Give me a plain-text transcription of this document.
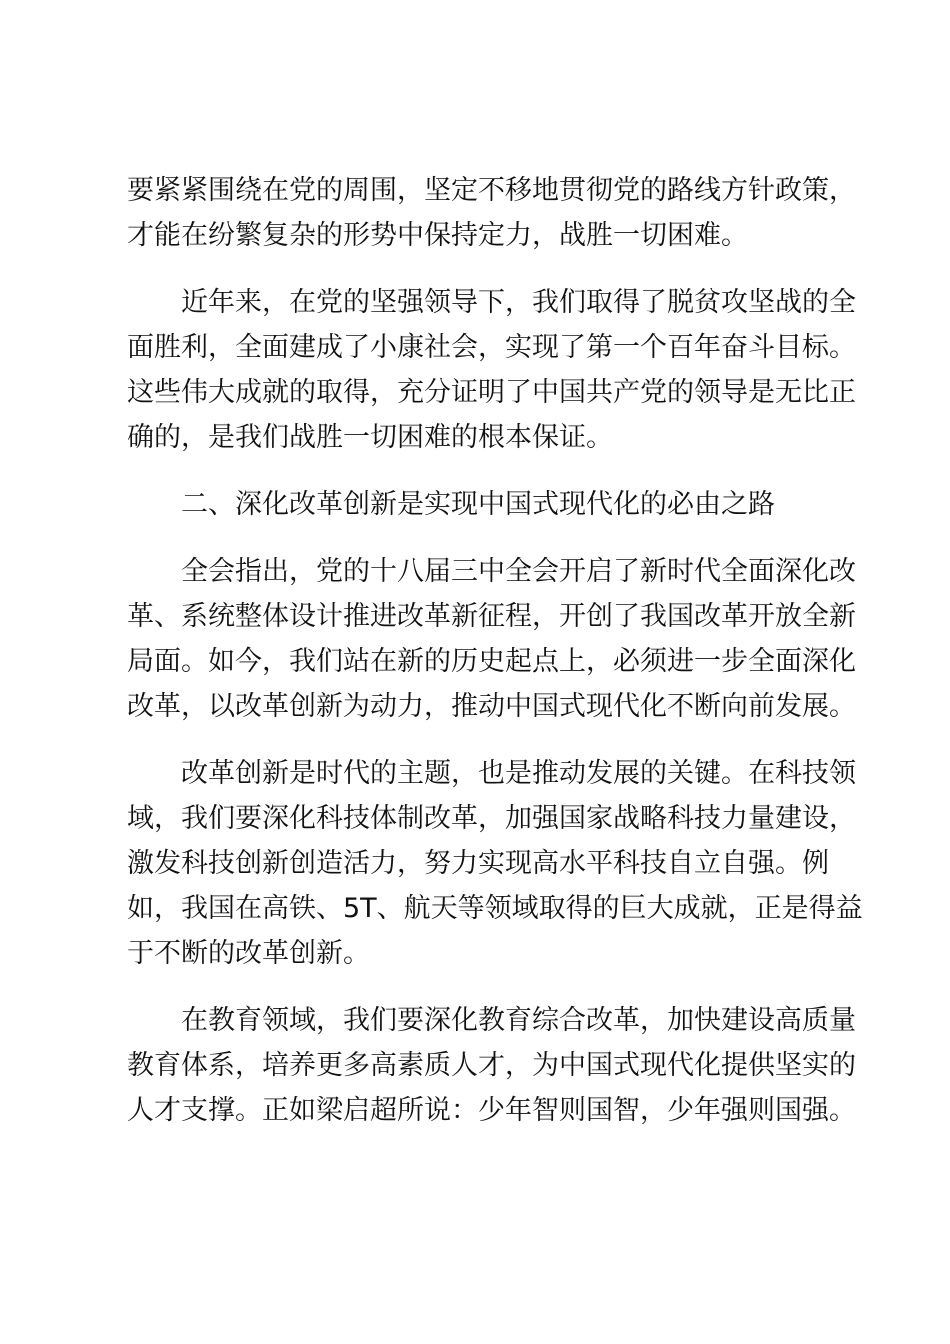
要紧紧围绕在党的周围，坚定不移地贯彻党的路线方针政策，
才能在纷繁复杂的形势中保持定力，战胜一切困难。
近年来，在党的坚强领导下，我们取得了脱贫攻坚战的全
面胜利，全面建成了小康社会，实现了第一个百年奋斗目标。
这些伟大成就的取得，充分证明了中国共产党的领导是无比正
确的，是我们战胜一切困难的根本保证。
二、深化改革创新是实现中国式现代化的必由之路
全会指出，党的十八届三中全会开启了新时代全面深化改
革、系统整体设计推进改革新征程，开创了我国改革开放全新
局面。如今，我们站在新的历史起点上，必须进一步全面深化
改革，以改革创新为动力，推动中国式现代化不断向前发展。
改革创新是时代的主题，也是推动发展的关键。在科技领
域，我们要深化科技体制改革，加强国家战略科技力量建设，
激发科技创新创造活力，努力实现高水平科技自立自强。例
如，我国在高铁、5T、航天等领域取得的巨大成就，正是得益
于不断的改革创新。
在教育领域，我们要深化教育综合改革，加快建设高质量
教育体系，培养更多高素质人才，为中国式现代化提供坚实的
人才支撑。正如梁启超所说：少年智则国智，少年强则国强。
